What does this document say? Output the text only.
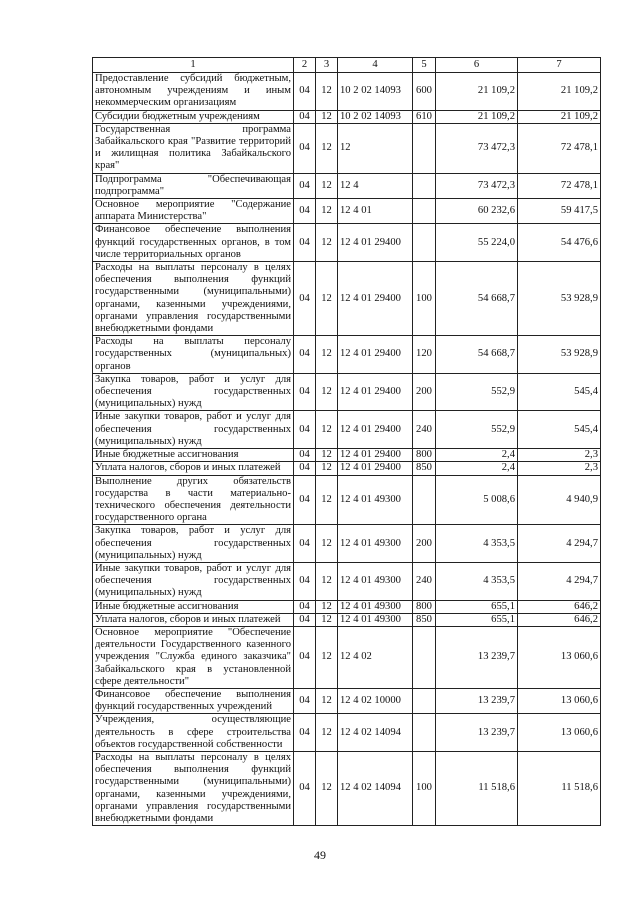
1	2	3	4	5	6	7
Предоставление субсидий бюджетным, автономным учреждениям и иным некоммерческим организациям	04	12	10 2 02 14093	600	21 109,2	21 109,2
Субсидии бюджетным учреждениям	04	12	10 2 02 14093	610	21 109,2	21 109,2
Государственная программа Забайкальского края "Развитие территорий и жилищная политика Забайкальского края"	04	12	12		73 472,3	72 478,1
Подпрограмма "Обеспечивающая подпрограмма"	04	12	12 4		73 472,3	72 478,1
Основное мероприятие "Содержание аппарата Министерства"	04	12	12 4 01		60 232,6	59 417,5
Финансовое обеспечение выполнения функций государственных органов, в том числе территориальных органов	04	12	12 4 01 29400		55 224,0	54 476,6
Расходы на выплаты персоналу в целях обеспечения выполнения функций государственными (муниципальными) органами, казенными учреждениями, органами управления государственными внебюджетными фондами	04	12	12 4 01 29400	100	54 668,7	53 928,9
Расходы на выплаты персоналу государственных (муниципальных) органов	04	12	12 4 01 29400	120	54 668,7	53 928,9
Закупка товаров, работ и услуг для обеспечения государственных (муниципальных) нужд	04	12	12 4 01 29400	200	552,9	545,4
Иные закупки товаров, работ и услуг для обеспечения государственных (муниципальных) нужд	04	12	12 4 01 29400	240	552,9	545,4
Иные бюджетные ассигнования	04	12	12 4 01 29400	800	2,4	2,3
Уплата налогов, сборов и иных платежей	04	12	12 4 01 29400	850	2,4	2,3
Выполнение других обязательств государства в части материально-технического обеспечения деятельности государственного органа	04	12	12 4 01 49300		5 008,6	4 940,9
Закупка товаров, работ и услуг для обеспечения государственных (муниципальных) нужд	04	12	12 4 01 49300	200	4 353,5	4 294,7
Иные закупки товаров, работ и услуг для обеспечения государственных (муниципальных) нужд	04	12	12 4 01 49300	240	4 353,5	4 294,7
Иные бюджетные ассигнования	04	12	12 4 01 49300	800	655,1	646,2
Уплата налогов, сборов и иных платежей	04	12	12 4 01 49300	850	655,1	646,2
Основное мероприятие "Обеспечение деятельности Государственного казенного учреждения "Служба единого заказчика" Забайкальского края в установленной сфере деятельности"	04	12	12 4 02		13 239,7	13 060,6
Финансовое обеспечение выполнения функций государственных учреждений	04	12	12 4 02 10000		13 239,7	13 060,6
Учреждения, осуществляющие деятельность в сфере строительства объектов государственной собственности	04	12	12 4 02 14094		13 239,7	13 060,6
Расходы на выплаты персоналу в целях обеспечения выполнения функций государственными (муниципальными) органами, казенными учреждениями, органами управления государственными внебюджетными фондами	04	12	12 4 02 14094	100	11 518,6	11 518,6
49
